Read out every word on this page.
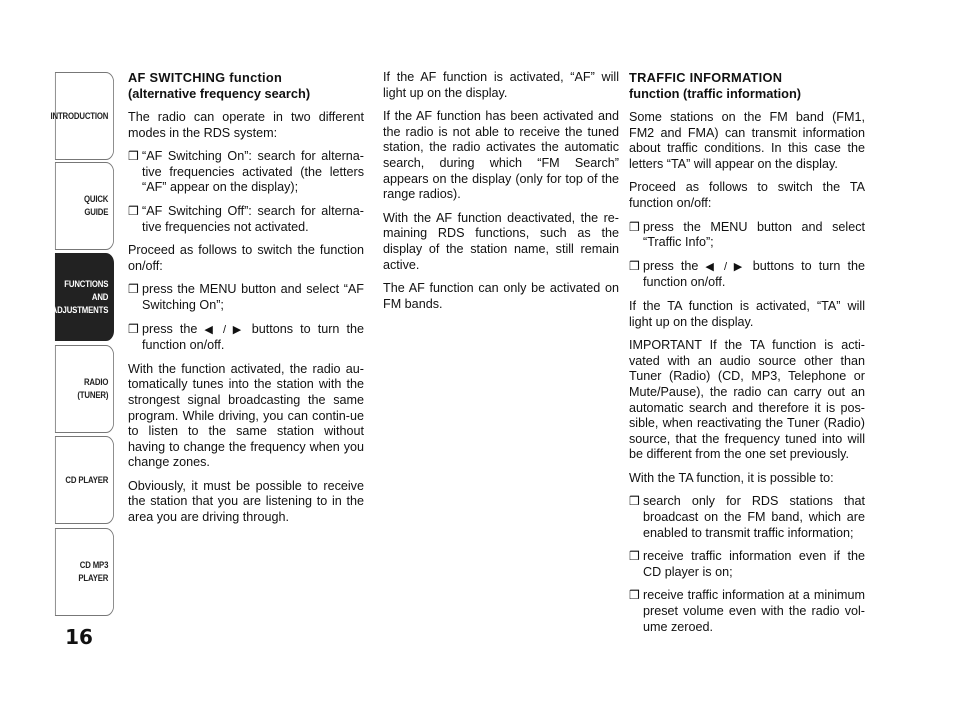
INTRODUCTION
QUICK
GUIDE
FUNCTIONS
AND
ADJUSTMENTS
RADIO
(TUNER)
CD PLAYER
CD MP3
PLAYER
16
AF SWITCHING function
(alternative frequency search)

The radio can operate in two different modes in the RDS system:

❒ “AF Switching On”: search for alterna-tive frequencies activated (the letters “AF” appear on the display);
❒ “AF Switching Off”: search for alterna-tive frequencies not activated.

Proceed as follows to switch the function on/off:

❒ press the MENU button and select “AF Switching On”;
❒ press the ◀ / ▶ buttons to turn the function on/off.

With the function activated, the radio au-tomatically tunes into the station with the strongest signal broadcasting the same program. While driving, you can contin-ue to listen to the same station without having to change the frequency when you change zones.

Obviously, it must be possible to receive the station that you are listening to in the area you are driving through.

If the AF function is activated, “AF” will light up on the display.

If the AF function has been activated and the radio is not able to receive the tuned station, the radio activates the automatic search, during which “FM Search” appears on the display (only for top of the range radios).

With the AF function deactivated, the re-maining RDS functions, such as the display of the station name, still remain active.

The AF function can only be activated on FM bands.

TRAFFIC INFORMATION
function (traffic information)

Some stations on the FM band (FM1, FM2 and FMA) can transmit information about traffic conditions. In this case the letters “TA” will appear on the display.

Proceed as follows to switch the TA function on/off:

❒ press the MENU button and select “Traffic Info”;
❒ press the ◀ / ▶ buttons to turn the function on/off.

If the TA function is activated, “TA” will light up on the display.

IMPORTANT If the TA function is acti-vated with an audio source other than Tuner (Radio) (CD, MP3, Telephone or Mute/Pause), the radio can carry out an automatic search and therefore it is pos-sible, when reactivating the Tuner (Radio) source, that the frequency tuned into will be different from the one set previously.

With the TA function, it is possible to:

❒ search only for RDS stations that broadcast on the FM band, which are enabled to transmit traffic information;
❒ receive traffic information even if the CD player is on;
❒ receive traffic information at a minimum preset volume even with the radio vol-ume zeroed.
